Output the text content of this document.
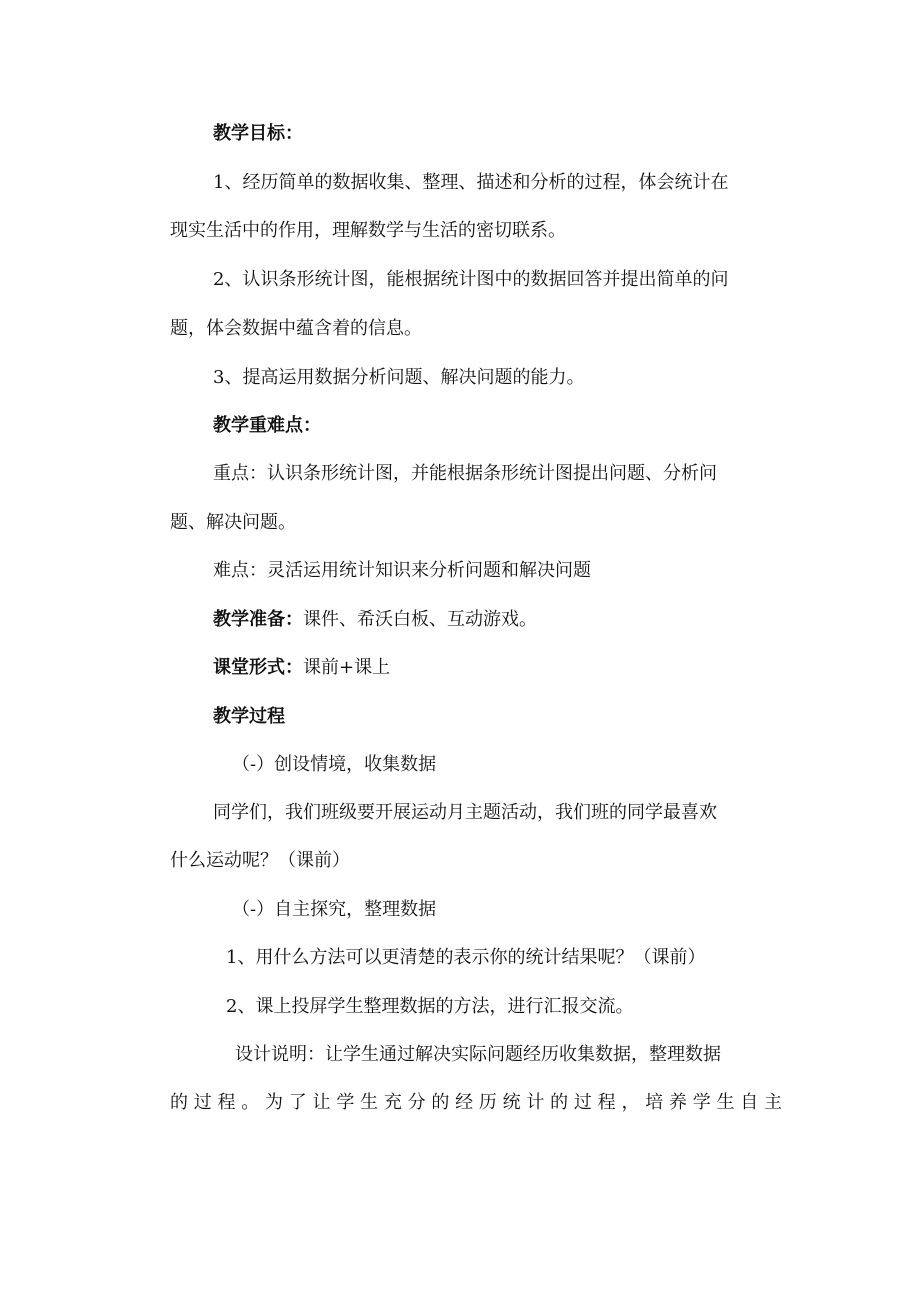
教学目标：
1、经历简单的数据收集、整理、描述和分析的过程，体会统计在
现实生活中的作用，理解数学与生活的密切联系。
2、认识条形统计图，能根据统计图中的数据回答并提出简单的问
题，体会数据中蕴含着的信息。
3、提高运用数据分析问题、解决问题的能力。
教学重难点：
重点：认识条形统计图，并能根据条形统计图提出问题、分析问
题、解决问题。
难点：灵活运用统计知识来分析问题和解决问题
教学准备：课件、希沃白板、互动游戏。
课堂形式：课前+课上
教学过程
（-）创设情境，收集数据
同学们，我们班级要开展运动月主题活动，我们班的同学最喜欢
什么运动呢？（课前）
（-）自主探究，整理数据
1、用什么方法可以更清楚的表示你的统计结果呢？（课前）
2、课上投屏学生整理数据的方法，进行汇报交流。
设计说明：让学生通过解决实际问题经历收集数据，整理数据
的过程。为了让学生充分的经历统计的过程，培养学生自主
